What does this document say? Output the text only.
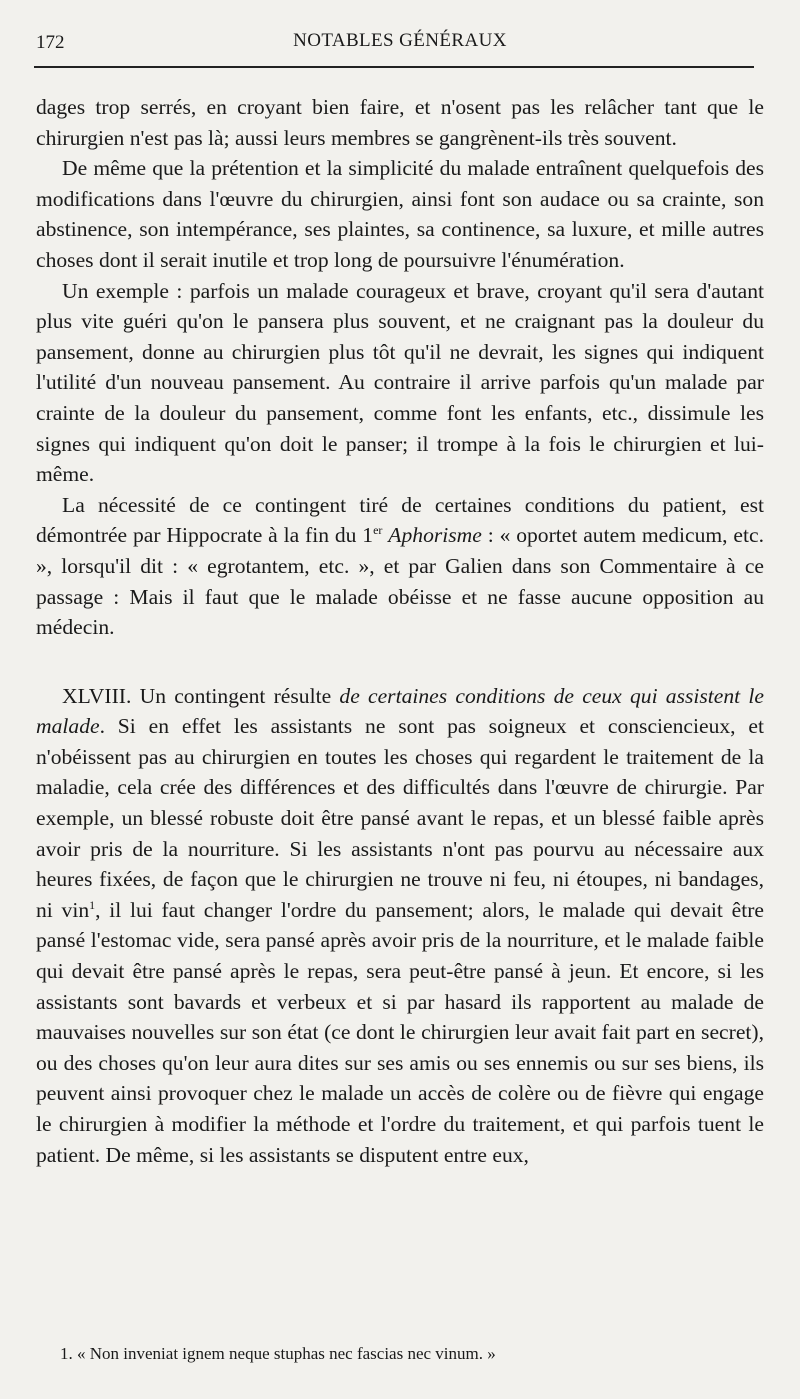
172	NOTABLES GÉNÉRAUX

dages trop serrés, en croyant bien faire, et n'osent pas les relâcher tant que le chirurgien n'est pas là; aussi leurs membres se gangrènent-ils très souvent.

De même que la prétention et la simplicité du malade entraînent quelquefois des modifications dans l'œuvre du chirurgien, ainsi font son audace ou sa crainte, son abstinence, son intempérance, ses plaintes, sa continence, sa luxure, et mille autres choses dont il serait inutile et trop long de poursuivre l'énumération.

Un exemple : parfois un malade courageux et brave, croyant qu'il sera d'autant plus vite guéri qu'on le pansera plus souvent, et ne craignant pas la douleur du pansement, donne au chirurgien plus tôt qu'il ne devrait, les signes qui indiquent l'utilité d'un nouveau pansement. Au contraire il arrive parfois qu'un malade par crainte de la douleur du pansement, comme font les enfants, etc., dissimule les signes qui indiquent qu'on doit le panser; il trompe à la fois le chirurgien et lui-même.

La nécessité de ce contingent tiré de certaines conditions du patient, est démontrée par Hippocrate à la fin du 1er Aphorisme : « oportet autem medicum, etc. », lorsqu'il dit : « egrotantem, etc. », et par Galien dans son Commentaire à ce passage : Mais il faut que le malade obéisse et ne fasse aucune opposition au médecin.

XLVIII. Un contingent résulte de certaines conditions de ceux qui assistent le malade. Si en effet les assistants ne sont pas soigneux et consciencieux, et n'obéissent pas au chirurgien en toutes les choses qui regardent le traitement de la maladie, cela crée des différences et des difficultés dans l'œuvre de chirurgie. Par exemple, un blessé robuste doit être pansé avant le repas, et un blessé faible après avoir pris de la nourriture. Si les assistants n'ont pas pourvu au nécessaire aux heures fixées, de façon que le chirurgien ne trouve ni feu, ni étoupes, ni bandages, ni vin$^1$, il lui faut changer l'ordre du pansement; alors, le malade qui devait être pansé l'estomac vide, sera pansé après avoir pris de la nourriture, et le malade faible qui devait être pansé après le repas, sera peut-être pansé à jeun. Et encore, si les assistants sont bavards et verbeux et si par hasard ils rapportent au malade de mauvaises nouvelles sur son état (ce dont le chirurgien leur avait fait part en secret), ou des choses qu'on leur aura dites sur ses amis ou ses ennemis ou sur ses biens, ils peuvent ainsi provoquer chez le malade un accès de colère ou de fièvre qui engage le chirurgien à modifier la méthode et l'ordre du traitement, et qui parfois tuent le patient. De même, si les assistants se disputent entre eux,

1. « Non inveniat ignem neque stuphas nec fascias nec vinum. »
